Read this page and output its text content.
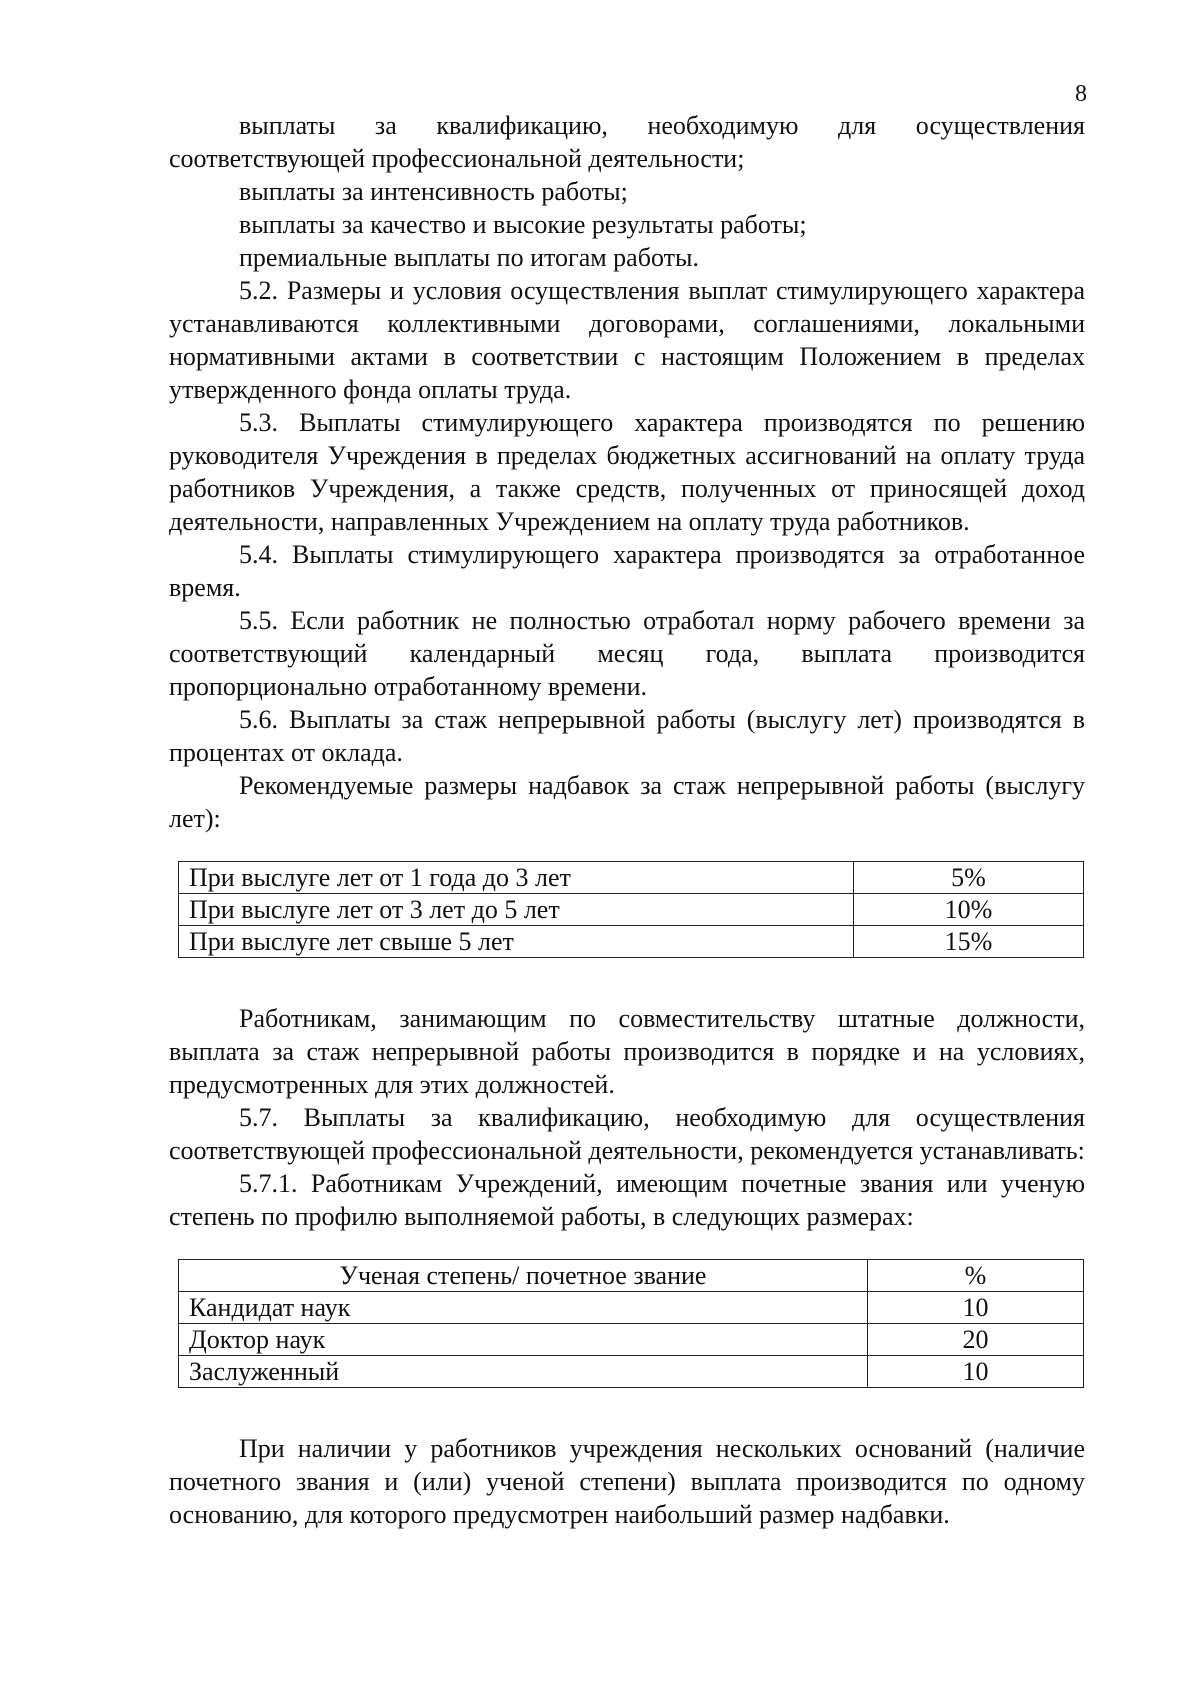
8

выплаты за квалификацию, необходимую для осуществления соответствующей профессиональной деятельности;

выплаты за интенсивность работы;

выплаты за качество и высокие результаты работы;

премиальные выплаты по итогам работы.

5.2. Размеры и условия осуществления выплат стимулирующего характера устанавливаются коллективными договорами, соглашениями, локальными нормативными актами в соответствии с настоящим Положением в пределах утвержденного фонда оплаты труда.

5.3. Выплаты стимулирующего характера производятся по решению руководителя Учреждения в пределах бюджетных ассигнований на оплату труда работников Учреждения, а также средств, полученных от приносящей доход деятельности, направленных Учреждением на оплату труда работников.

5.4. Выплаты стимулирующего характера производятся за отработанное время.

5.5. Если работник не полностью отработал норму рабочего времени за соответствующий календарный месяц года, выплата производится пропорционально отработанному времени.

5.6. Выплаты за стаж непрерывной работы (выслугу лет) производятся в процентах от оклада.

Рекомендуемые размеры надбавок за стаж непрерывной работы (выслугу лет):

При выслуге лет от 1 года до 3 лет	5%
При выслуге лет от 3 лет до 5 лет	10%
При выслуге лет свыше 5 лет	15%

Работникам, занимающим по совместительству штатные должности, выплата за стаж непрерывной работы производится в порядке и на условиях, предусмотренных для этих должностей.

5.7. Выплаты за квалификацию, необходимую для осуществления соответствующей профессиональной деятельности, рекомендуется устанавливать:

5.7.1. Работникам Учреждений, имеющим почетные звания или ученую степень по профилю выполняемой работы, в следующих размерах:

Ученая степень/ почетное звание	%
Кандидат наук	10
Доктор наук	20
Заслуженный	10

При наличии у работников учреждения нескольких оснований (наличие почетного звания и (или) ученой степени) выплата производится по одному основанию, для которого предусмотрен наибольший размер надбавки.
